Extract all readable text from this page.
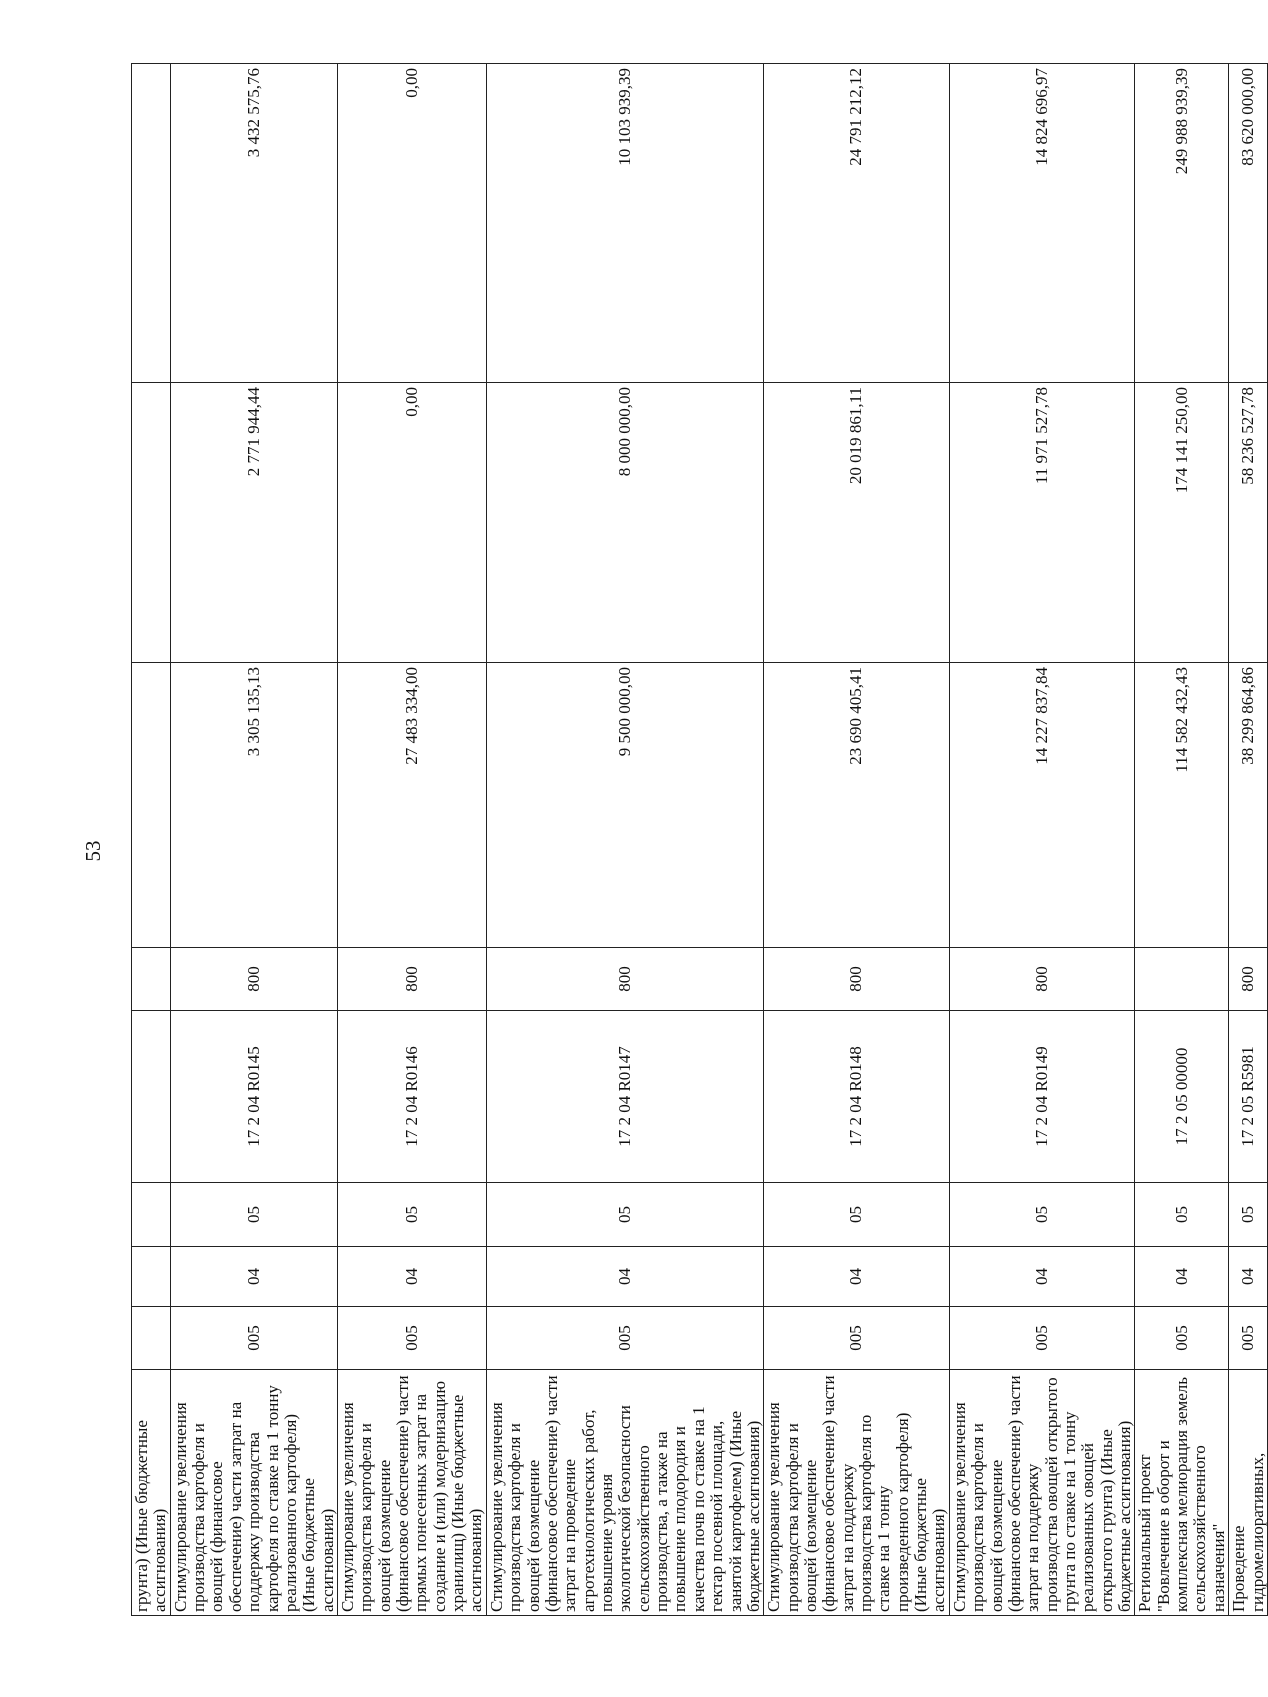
53
грунта) (Иные бюджетные ассигнования)								
Стимулирование увеличения производства картофеля и овощей (финансовое обеспечение) части затрат на поддержку производства картофеля по ставке на 1 тонну реализованного картофеля) (Иные бюджетные ассигнования)	005	04	05	17 2 04 R0145	800	3 305 135,13	2 771 944,44	3 432 575,76
Стимулирование увеличения производства картофеля и овощей (возмещение (финансовое обеспечение) части прямых понесенных затрат на создание и (или) модернизацию хранилищ) (Иные бюджетные ассигнования)	005	04	05	17 2 04 R0146	800	27 483 334,00	0,00	0,00
Стимулирование увеличения производства картофеля и овощей (возмещение (финансовое обеспечение) части затрат на проведение агротехнологических работ, повышение уровня экологической безопасности сельскохозяйственного производства, а также на повышение плодородия и качества почв по ставке на 1 гектар посевной площади, занятой картофелем) (Иные бюджетные ассигнования)	005	04	05	17 2 04 R0147	800	9 500 000,00	8 000 000,00	10 103 939,39
Стимулирование увеличения производства картофеля и овощей (возмещение (финансовое обеспечение) части затрат на поддержку производства картофеля по ставке на 1 тонну произведенного картофеля) (Иные бюджетные ассигнования)	005	04	05	17 2 04 R0148	800	23 690 405,41	20 019 861,11	24 791 212,12
Стимулирование увеличения производства картофеля и овощей (возмещение (финансовое обеспечение) части затрат на поддержку производства овощей открытого грунта по ставке на 1 тонну реализованных овощей открытого грунта) (Иные бюджетные ассигнования)	005	04	05	17 2 04 R0149	800	14 227 837,84	11 971 527,78	14 824 696,97
Региональный проект "Вовлечение в оборот и комплексная мелиорация земель сельскохозяйственного назначения"	005	04	05	17 2 05 00000		114 582 432,43	174 141 250,00	249 988 939,39
Проведение гидромелиоративных,	005	04	05	17 2 05 R5981	800	38 299 864,86	58 236 527,78	83 620 000,00
